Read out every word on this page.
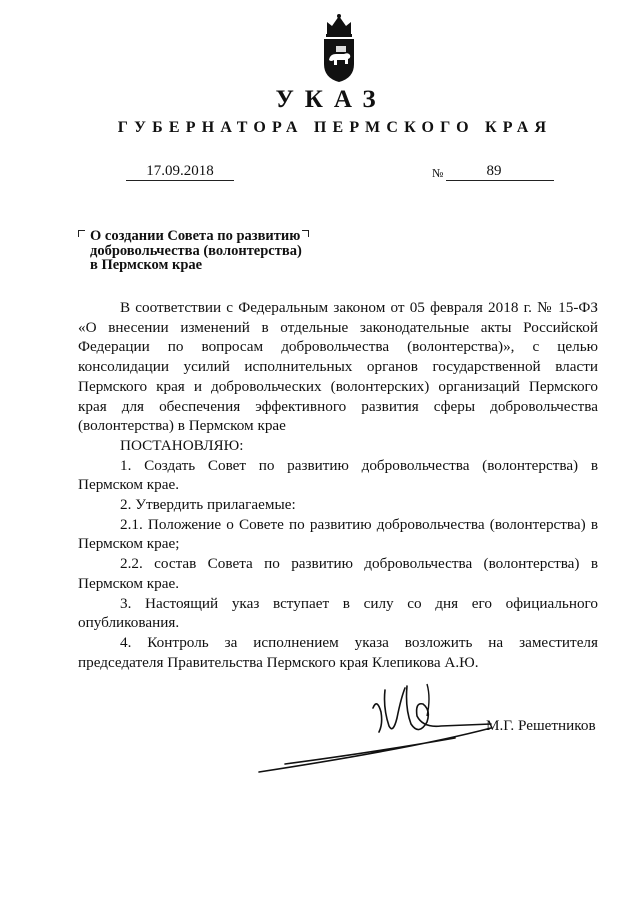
УКАЗ
ГУБЕРНАТОРА ПЕРМСКОГО КРАЯ
17.09.2018	№	89
О создании Совета по развитию
добровольчества (волонтерства)
в Пермском крае

В соответствии с Федеральным законом от 05 февраля 2018 г. № 15-ФЗ «О внесении изменений в отдельные законодательные акты Российской Федерации по вопросам добровольчества (волонтерства)», с целью консолидации усилий исполнительных органов государственной власти Пермского края и добровольческих (волонтерских) организаций Пермского края для обеспечения эффективного развития сферы добровольчества (волонтерства) в Пермском крае

ПОСТАНОВЛЯЮ:

1. Создать Совет по развитию добровольчества (волонтерства) в Пермском крае.

2. Утвердить прилагаемые:

2.1. Положение о Совете по развитию добровольчества (волонтерства) в Пермском крае;

2.2. состав Совета по развитию добровольчества (волонтерства) в Пермском крае.

3. Настоящий указ вступает в силу со дня его официального опубликования.

4. Контроль за исполнением указа возложить на заместителя председателя Правительства Пермского края Клепикова А.Ю.

М.Г. Решетников
